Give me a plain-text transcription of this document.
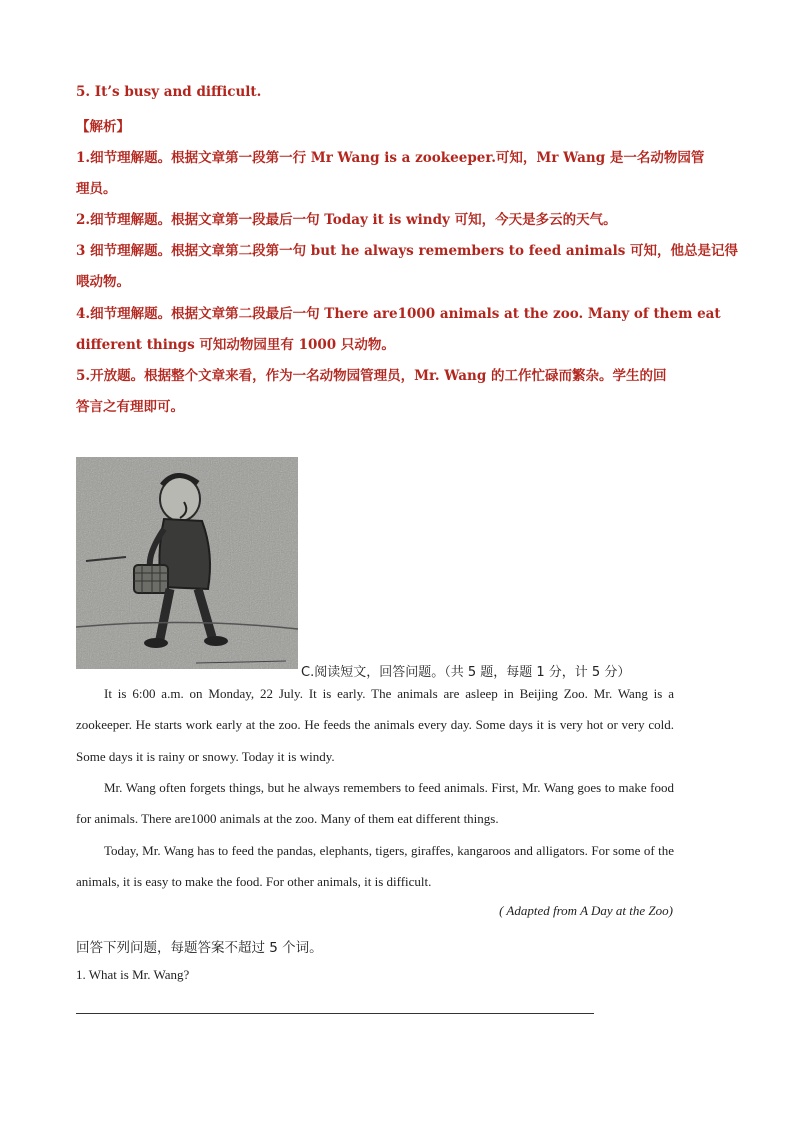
5. It’s busy and difficult.
【解析】
1.细节理解题。根据文章第一段第一行 Mr Wang is a zookeeper.可知，Mr Wang 是一名动物园管
理员。
2.细节理解题。根据文章第一段最后一句 Today it is windy 可知，今天是多云的天气。
3 细节理解题。根据文章第二段第一句 but he always remembers to feed animals 可知，他总是记得
喂动物。
4.细节理解题。根据文章第二段最后一句 There are1000 animals at the zoo. Many of them eat
different things 可知动物园里有 1000 只动物。
5.开放题。根据整个文章来看，作为一名动物园管理员，Mr. Wang 的工作忙碌而繁杂。学生的回
答言之有理即可。
C.阅读短文，回答问题。（共 5 题，每题 1 分，计 5 分）
It is 6:00 a.m. on Monday, 22 July. It is early. The animals are asleep in Beijing Zoo. Mr. Wang is a zookeeper. He starts work early at the zoo. He feeds the animals every day. Some days it is very hot or very cold. Some days it is rainy or snowy. Today it is windy.
Mr. Wang often forgets things, but he always remembers to feed animals. First, Mr. Wang goes to make food for animals. There are1000 animals at the zoo. Many of them eat different things.
Today, Mr. Wang has to feed the pandas, elephants, tigers, giraffes, kangaroos and alligators. For some of the animals, it is easy to make the food. For other animals, it is difficult.
( Adapted from A Day at the Zoo)
回答下列问题，每题答案不超过 5 个词。
1. What is Mr. Wang?
